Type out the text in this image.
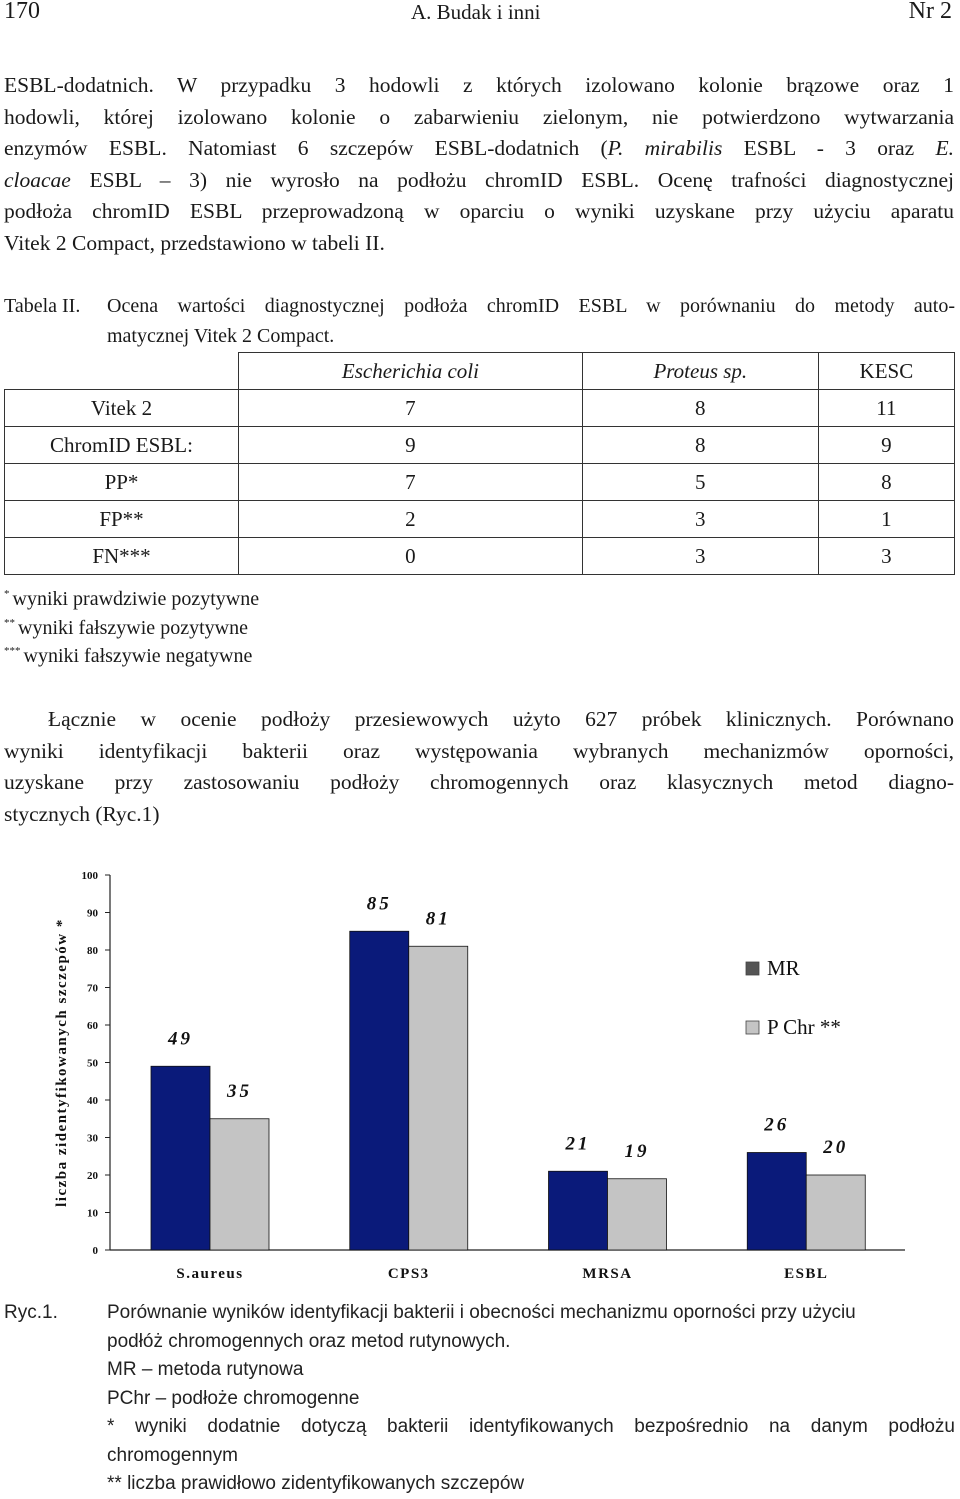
170	A. Budak i inni	Nr 2
ESBL-dodatnich. W przypadku 3 hodowli z których izolowano kolonie brązowe oraz 1
hodowli, której izolowano kolonie o zabarwieniu zielonym, nie potwierdzono wytwarzania
enzymów ESBL. Natomiast 6 szczepów ESBL-dodatnich (P. mirabilis ESBL - 3 oraz E.
cloacae ESBL – 3) nie wyrosło na podłożu chromID ESBL. Ocenę trafności diagnostycznej
podłoża chromID ESBL przeprowadzoną w oparciu o wyniki uzyskane przy użyciu aparatu
Vitek 2 Compact, przedstawiono w tabeli II.
Tabela II. Ocena wartości diagnostycznej podłoża chromID ESBL w porównaniu do metody auto-
matycznej Vitek 2 Compact.
	Escherichia coli	Proteus sp.	KESC
Vitek 2	7	8	11
ChromID ESBL:	9	8	9
PP*	7	5	8
FP**	2	3	1
FN***	0	3	3
* wyniki prawdziwie pozytywne
** wyniki fałszywie pozytywne
*** wyniki fałszywie negatywne
Łącznie w ocenie podłoży przesiewowych użyto 627 próbek klinicznych. Porównano
wyniki identyfikacji bakterii oraz występowania wybranych mechanizmów oporności,
uzyskane przy zastosowaniu podłoży chromogennych oraz klasycznych metod diagno-
stycznych (Ryc.1)
0
10
20
30
40
50
60
70
80
90
100
liczba zidentyfikowanych szczepów *	49
35
S.aureus
85
81
CPS3
21 19
MRSA
26
20
ESBL
MR
P Chr **
Ryc.1.	Porównanie wyników identyfikacji bakterii i obecności mechanizmu oporności przy użyciu
podłóż chromogennych oraz metod rutynowych.
MR – metoda rutynowa
PChr – podłoże chromogenne
* wyniki dodatnie dotyczą bakterii identyfikowanych bezpośrednio na danym podłożu
chromogennym
** liczba prawidłowo zidentyfikowanych szczepów
